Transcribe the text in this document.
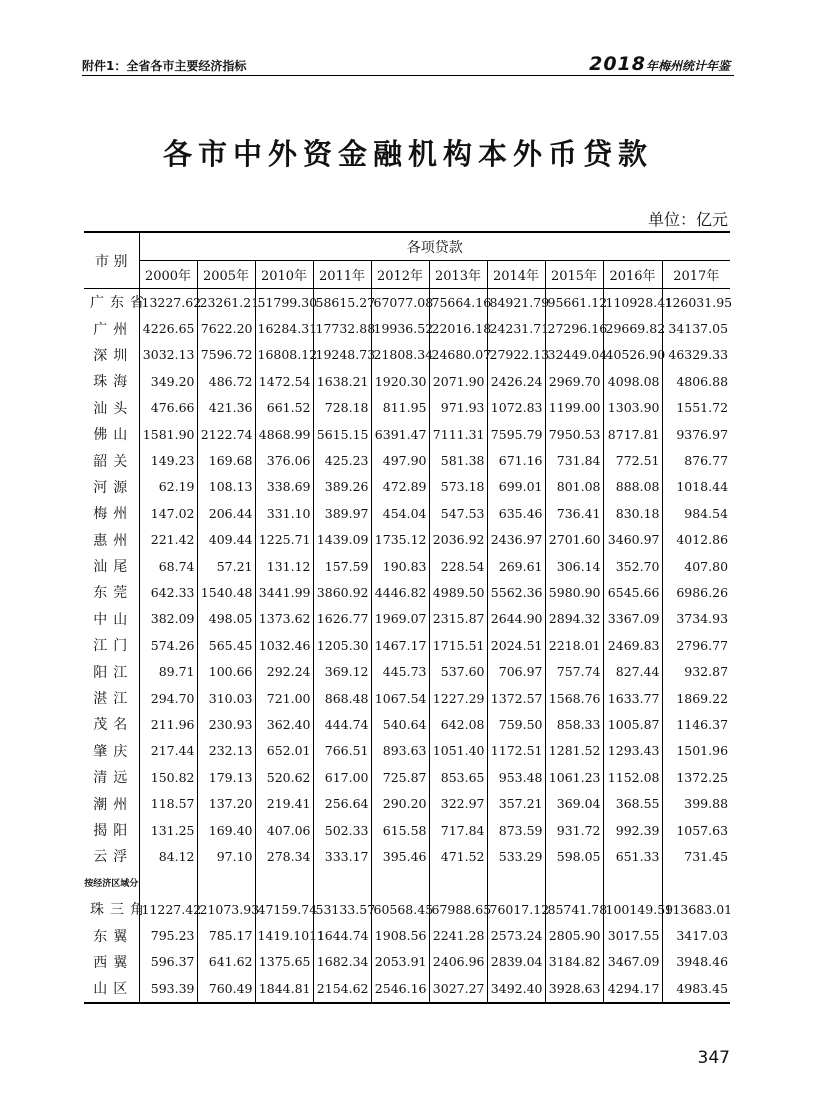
附件1：全省各市主要经济指标	2018年梅州统计年鉴
各市中外资金融机构本外币贷款
单位：亿元
市 别	各项贷款									
	2000年	2005年	2010年	2011年	2012年	2013年	2014年	2015年	2016年	2017年
广东省	13227.62	23261.21	51799.30	58615.27	67077.08	75664.16	84921.79	95661.12	110928.41	126031.95
广州	4226.65	7622.20	16284.31	17732.88	19936.52	22016.18	24231.71	27296.16	29669.82	34137.05
深圳	3032.13	7596.72	16808.12	19248.73	21808.34	24680.07	27922.13	32449.04	40526.90	46329.33
珠海	349.20	486.72	1472.54	1638.21	1920.30	2071.90	2426.24	2969.70	4098.08	4806.88
汕头	476.66	421.36	661.52	728.18	811.95	971.93	1072.83	1199.00	1303.90	1551.72
佛山	1581.90	2122.74	4868.99	5615.15	6391.47	7111.31	7595.79	7950.53	8717.81	9376.97
韶关	149.23	169.68	376.06	425.23	497.90	581.38	671.16	731.84	772.51	876.77
河源	62.19	108.13	338.69	389.26	472.89	573.18	699.01	801.08	888.08	1018.44
梅州	147.02	206.44	331.10	389.97	454.04	547.53	635.46	736.41	830.18	984.54
惠州	221.42	409.44	1225.71	1439.09	1735.12	2036.92	2436.97	2701.60	3460.97	4012.86
汕尾	68.74	57.21	131.12	157.59	190.83	228.54	269.61	306.14	352.70	407.80
东莞	642.33	1540.48	3441.99	3860.92	4446.82	4989.50	5562.36	5980.90	6545.66	6986.26
中山	382.09	498.05	1373.62	1626.77	1969.07	2315.87	2644.90	2894.32	3367.09	3734.93
江门	574.26	565.45	1032.46	1205.30	1467.17	1715.51	2024.51	2218.01	2469.83	2796.77
阳江	89.71	100.66	292.24	369.12	445.73	537.60	706.97	757.74	827.44	932.87
湛江	294.70	310.03	721.00	868.48	1067.54	1227.29	1372.57	1568.76	1633.77	1869.22
茂名	211.96	230.93	362.40	444.74	540.64	642.08	759.50	858.33	1005.87	1146.37
肇庆	217.44	232.13	652.01	766.51	893.63	1051.40	1172.51	1281.52	1293.43	1501.96
清远	150.82	179.13	520.62	617.00	725.87	853.65	953.48	1061.23	1152.08	1372.25
潮州	118.57	137.20	219.41	256.64	290.20	322.97	357.21	369.04	368.55	399.88
揭阳	131.25	169.40	407.06	502.33	615.58	717.84	873.59	931.72	992.39	1057.63
云浮	84.12	97.10	278.34	333.17	395.46	471.52	533.29	598.05	651.33	731.45
按经济区域分										
珠三角	11227.42	21073.93	47159.74	53133.57	60568.45	67988.65	76017.12	85741.78	100149.59	113683.01
东翼	795.23	785.17	1419.1011	1644.74	1908.56	2241.28	2573.24	2805.90	3017.55	3417.03
西翼	596.37	641.62	1375.65	1682.34	2053.91	2406.96	2839.04	3184.82	3467.09	3948.46
山区	593.39	760.49	1844.81	2154.62	2546.16	3027.27	3492.40	3928.63	4294.17	4983.45
347
